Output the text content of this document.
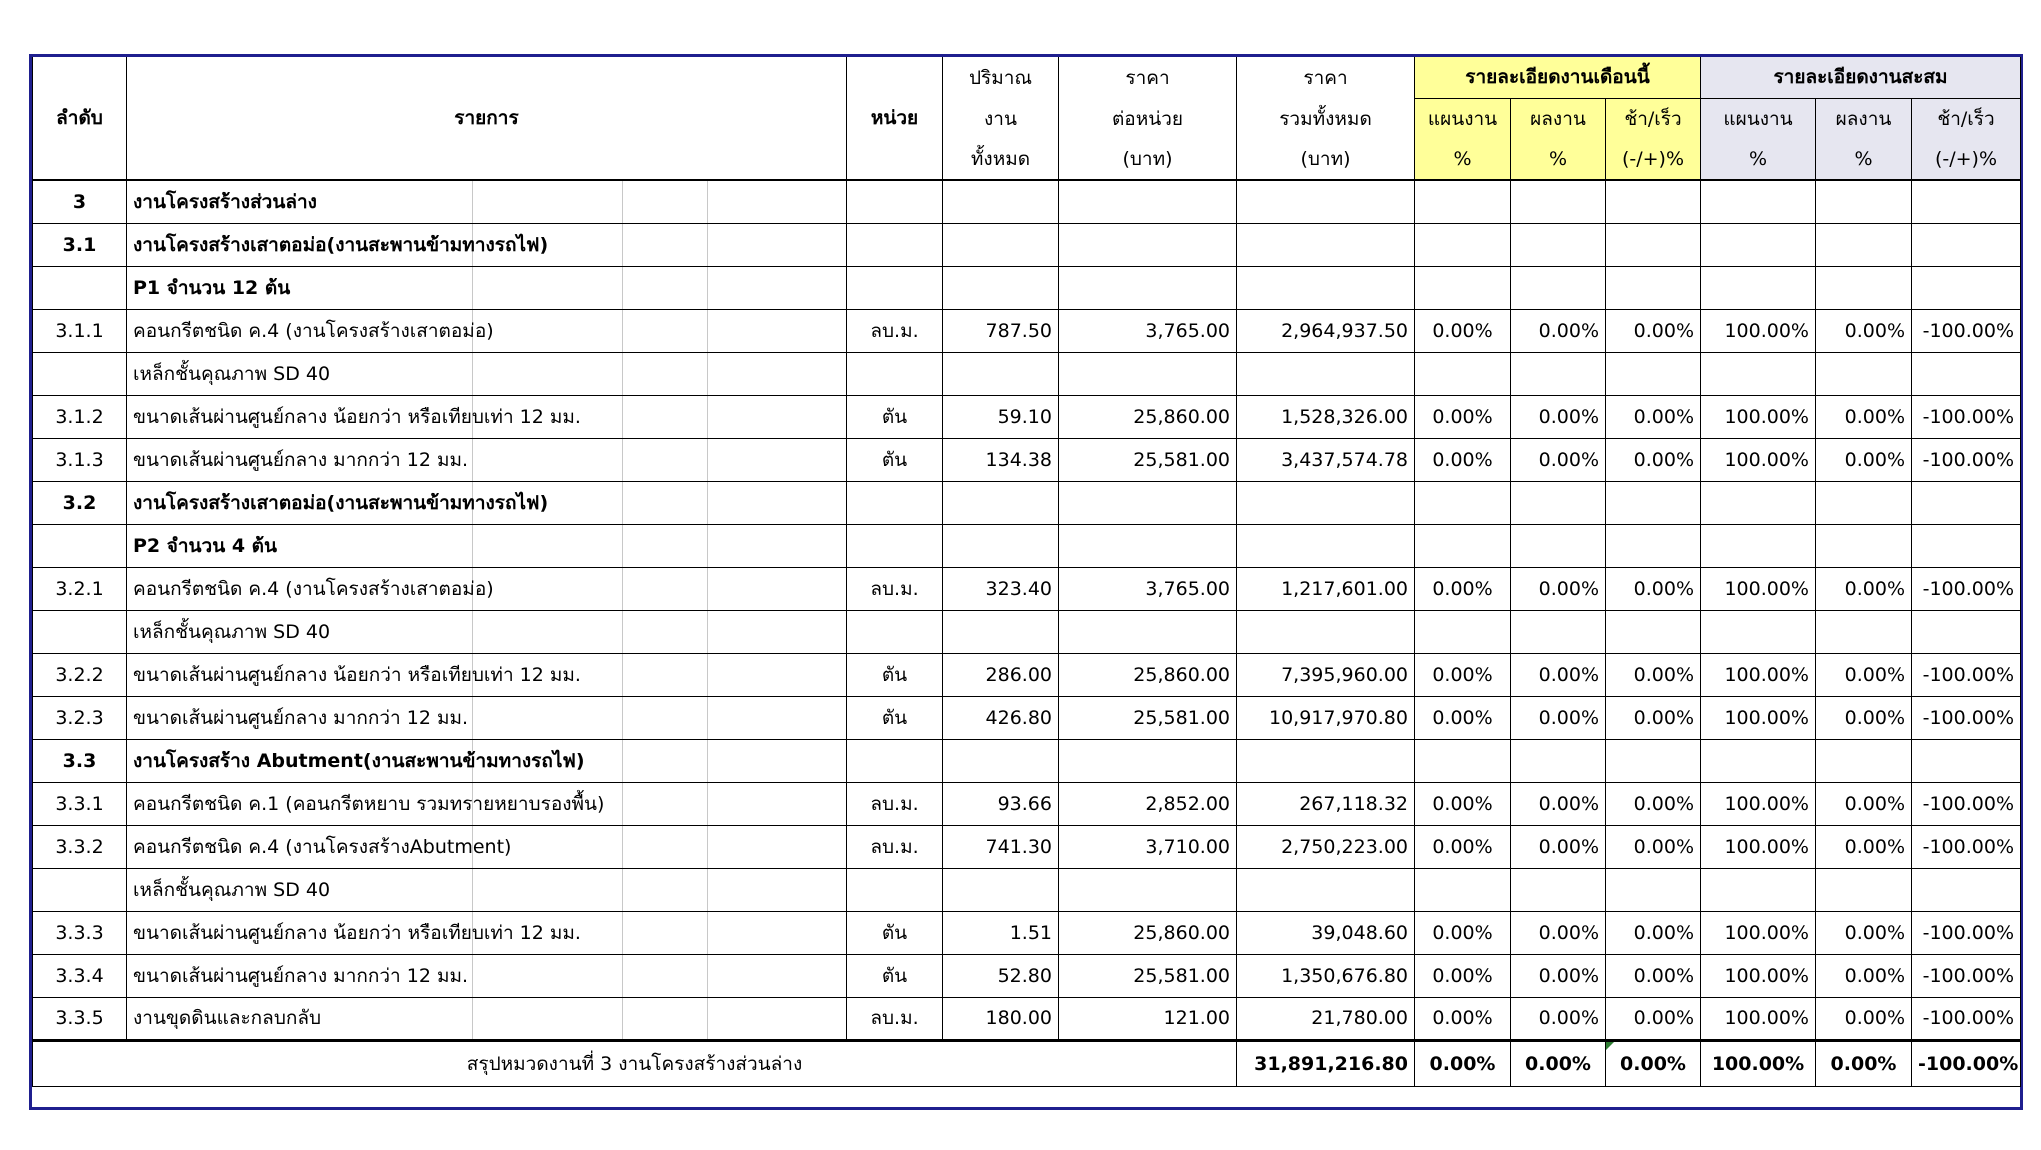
ลำดับ	รายการ	หน่วย	ปริมาณ	ราคา	ราคา	รายละเอียดงานเดือนนี้			รายละเอียดงานสะสม		
			งาน	ต่อหน่วย	รวมทั้งหมด	แผนงาน	ผลงาน	ช้า/เร็ว	แผนงาน	ผลงาน	ช้า/เร็ว
			ทั้งหมด	(บาท)	(บาท)	%	%	(-/+)%	%	%	(-/+)%
3	งานโครงสร้างส่วนล่าง

3.1	งานโครงสร้างเสาตอม่อ(งานสะพานข้ามทางรถไฟ)

	P1 จำนวน 12 ต้น

3.1.1	คอนกรีตชนิด ค.4 (งานโครงสร้างเสาตอม่อ)	ลบ.ม.	787.50	3,765.00	2,964,937.50	0.00%	0.00%	0.00%	100.00%	0.00%	-100.00%
	เหล็กชั้นคุณภาพ SD 40

3.1.2	ขนาดเส้นผ่านศูนย์กลาง น้อยกว่า หรือเทียบเท่า 12 มม.	ตัน	59.10	25,860.00	1,528,326.00	0.00%	0.00%	0.00%	100.00%	0.00%	-100.00%
3.1.3	ขนาดเส้นผ่านศูนย์กลาง มากกว่า 12 มม.	ตัน	134.38	25,581.00	3,437,574.78	0.00%	0.00%	0.00%	100.00%	0.00%	-100.00%
3.2	งานโครงสร้างเสาตอม่อ(งานสะพานข้ามทางรถไฟ)

	P2 จำนวน 4 ต้น

3.2.1	คอนกรีตชนิด ค.4 (งานโครงสร้างเสาตอม่อ)	ลบ.ม.	323.40	3,765.00	1,217,601.00	0.00%	0.00%	0.00%	100.00%	0.00%	-100.00%
	เหล็กชั้นคุณภาพ SD 40

3.2.2	ขนาดเส้นผ่านศูนย์กลาง น้อยกว่า หรือเทียบเท่า 12 มม.	ตัน	286.00	25,860.00	7,395,960.00	0.00%	0.00%	0.00%	100.00%	0.00%	-100.00%
3.2.3	ขนาดเส้นผ่านศูนย์กลาง มากกว่า 12 มม.	ตัน	426.80	25,581.00	10,917,970.80	0.00%	0.00%	0.00%	100.00%	0.00%	-100.00%
3.3	งานโครงสร้าง Abutment(งานสะพานข้ามทางรถไฟ)

3.3.1	คอนกรีตชนิด ค.1 (คอนกรีตหยาบ รวมทรายหยาบรองพื้น)	ลบ.ม.	93.66	2,852.00	267,118.32	0.00%	0.00%	0.00%	100.00%	0.00%	-100.00%
3.3.2	คอนกรีตชนิด ค.4 (งานโครงสร้างAbutment)	ลบ.ม.	741.30	3,710.00	2,750,223.00	0.00%	0.00%	0.00%	100.00%	0.00%	-100.00%
	เหล็กชั้นคุณภาพ SD 40

3.3.3	ขนาดเส้นผ่านศูนย์กลาง น้อยกว่า หรือเทียบเท่า 12 มม.	ตัน	1.51	25,860.00	39,048.60	0.00%	0.00%	0.00%	100.00%	0.00%	-100.00%
3.3.4	ขนาดเส้นผ่านศูนย์กลาง มากกว่า 12 มม.	ตัน	52.80	25,581.00	1,350,676.80	0.00%	0.00%	0.00%	100.00%	0.00%	-100.00%
3.3.5	งานขุดดินและกลบกลับ	ลบ.ม.	180.00	121.00	21,780.00	0.00%	0.00%	0.00%	100.00%	0.00%	-100.00%
สรุปหมวดงานที่ 3 งานโครงสร้างส่วนล่าง					31,891,216.80	0.00%	0.00%	0.00%	100.00%	0.00%	-100.00%
